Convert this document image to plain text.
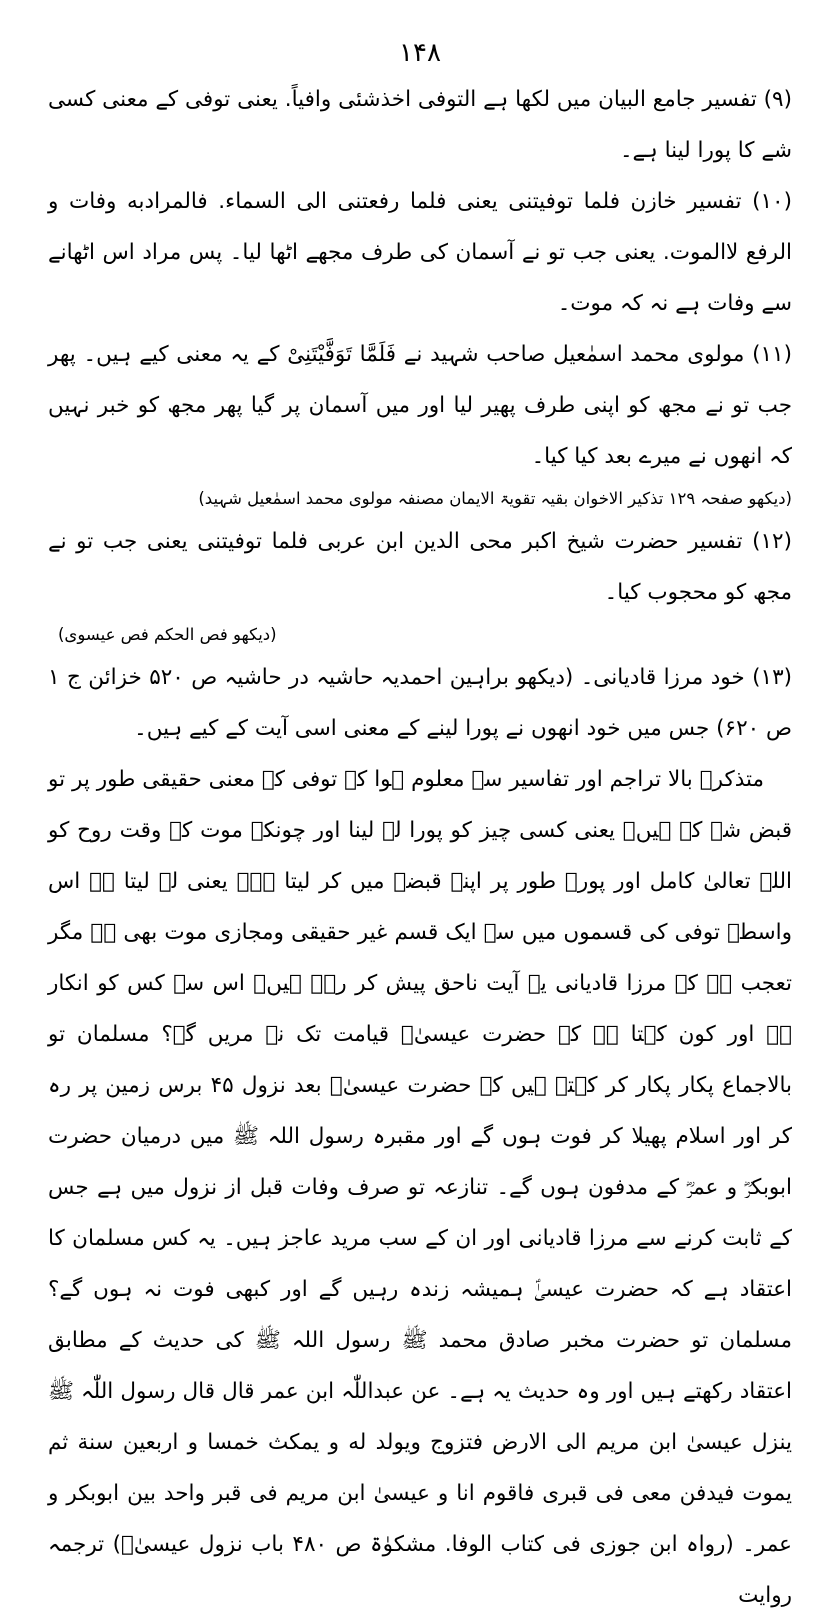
۱۴۸

(۹) تفسیر جامع البیان میں لکھا ہے التوفی اخذشئی وافیاً. یعنی توفی کے معنی کسی شے کا پورا لینا ہے۔

(۱۰) تفسیر خازن فلما توفیتنی یعنی فلما رفعتنی الی السماء. فالمرادبه وفات و الرفع لاالموت. یعنی جب تو نے آسمان کی طرف مجھے اٹھا لیا۔ پس مراد اس اٹھانے سے وفات ہے نہ کہ موت۔

(۱۱) مولوی محمد اسمٰعیل صاحب شہید نے فَلَمَّا تَوَفَّیْتَنِیْ کے یہ معنی کیے ہیں۔ پھر جب تو نے مجھ کو اپنی طرف پھیر لیا اور میں آسمان پر گیا پھر مجھ کو خبر نہیں کہ انھوں نے میرے بعد کیا کیا۔

(دیکھو صفحہ ۱۲۹ تذکیر الاخوان بقیہ تقویۃ الایمان مصنفہ مولوی محمد اسمٰعیل شہید)

(۱۲) تفسیر حضرت شیخ اکبر محی الدین ابن عربی فلما توفیتنی یعنی جب تو نے مجھ کو محجوب کیا۔

(دیکھو فص الحکم فص عیسوی)

(۱۳) خود مرزا قادیانی۔ (دیکھو براہین احمدیہ حاشیہ در حاشیہ ص ۵۲۰ خزائن ج ۱ ص ۶۲۰) جس میں خود انھوں نے پورا لینے کے معنی اسی آیت کے کیے ہیں۔

متذکرہ بالا تراجم اور تفاسیر سے معلوم ہوا کہ توفی کے معنی حقیقی طور پر تو قبض شے کے ہیں۔ یعنی کسی چیز کو پورا لے لینا اور چونکہ موت کے وقت روح کو اللہ تعالیٰ کامل اور پورے طور پر اپنے قبضے میں کر لیتا ہے۔ یعنی لے لیتا ہے اس واسطے توفی کی قسموں میں سے ایک قسم غیر حقیقی ومجازی موت بھی ہے مگر تعجب ہے کہ مرزا قادیانی یہ آیت ناحق پیش کر رہے ہیں۔ اس سے کس کو انکار ہے اور کون کہتا ہے کہ حضرت عیسیٰؑ قیامت تک نہ مریں گے؟ مسلمان تو بالاجماع پکار پکار کر کہتے ہیں کہ حضرت عیسیٰؑ بعد نزول ۴۵ برس زمین پر رہ کر اور اسلام پھیلا کر فوت ہوں گے اور مقبرہ رسول اللہ ﷺ میں درمیان حضرت ابوبکرؓ و عمرؓ کے مدفون ہوں گے۔ تنازعہ تو صرف وفات قبل از نزول میں ہے جس کے ثابت کرنے سے مرزا قادیانی اور ان کے سب مرید عاجز ہیں۔ یہ کس مسلمان کا اعتقاد ہے کہ حضرت عیسیٰؑ ہمیشہ زندہ رہیں گے اور کبھی فوت نہ ہوں گے؟ مسلمان تو حضرت مخبر صادق محمد ﷺ رسول اللہ ﷺ کی حدیث کے مطابق اعتقاد رکھتے ہیں اور وہ حدیث یہ ہے۔ عن عبداللّٰہ ابن عمر قال قال رسول اللّٰہ ﷺ ینزل عیسیٰ ابن مریم الی الارض فتزوج ویولد له و یمکث خمسا و اربعین سنة ثم یموت فیدفن معی فی قبری فاقوم انا و عیسیٰ ابن مریم فی قبر واحد بین ابوبکر و عمر۔ (رواہ ابن جوزی فی کتاب الوفا. مشکوٰۃ ص ۴۸۰ باب نزول عیسیٰؑ) ترجمہ روایت
